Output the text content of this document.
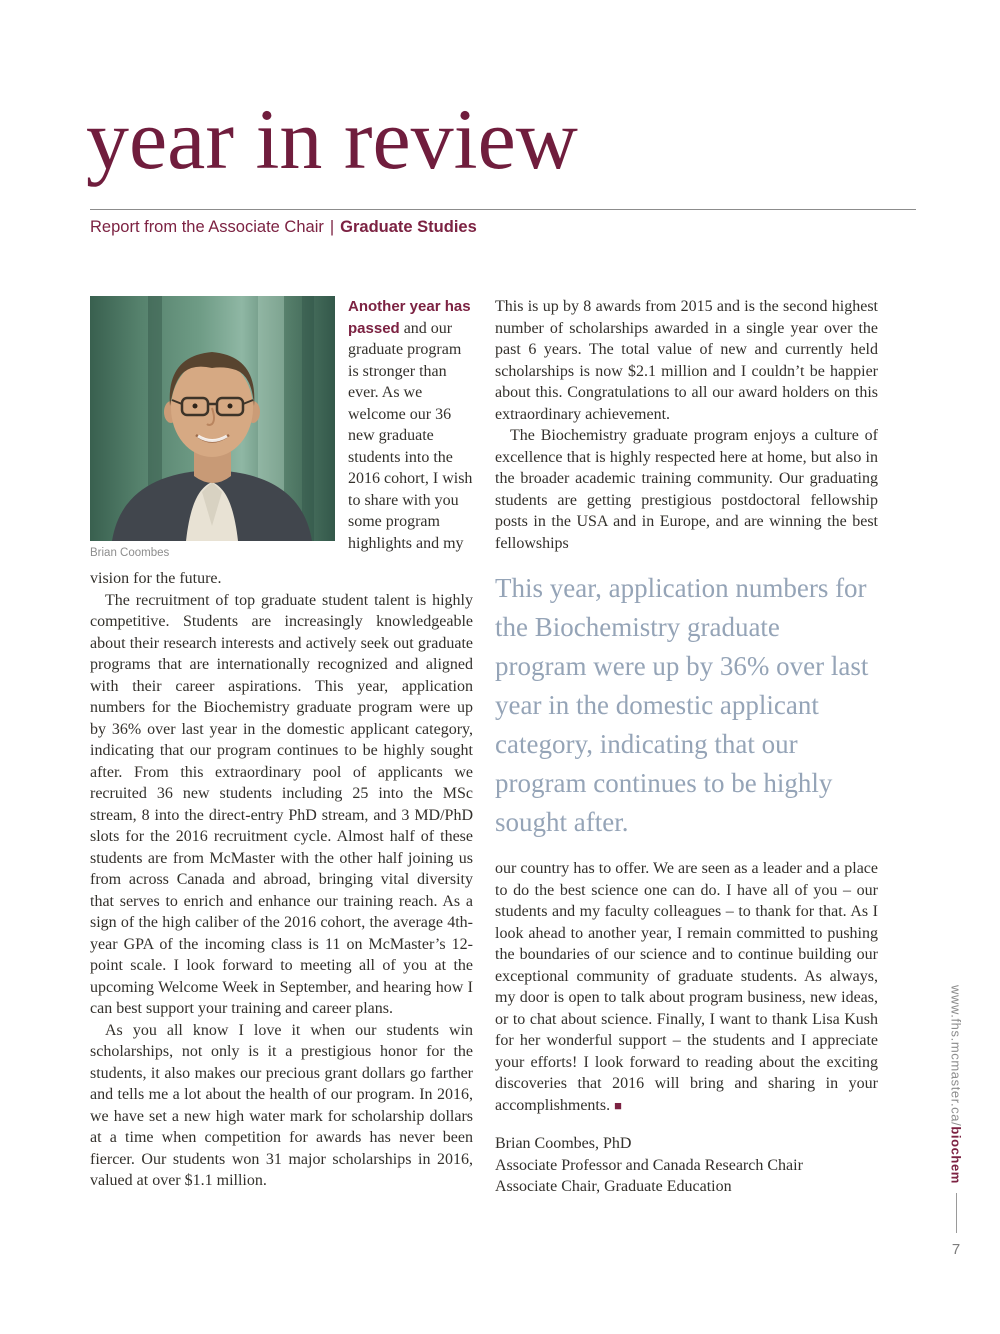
year in review
Report from the Associate Chair | Graduate Studies
Brian Coombes
Another year has passed and our graduate program is stronger than ever. As we welcome our 36 new graduate students into the 2016 cohort, I wish to share with you some program highlights and my

vision for the future.

The recruitment of top graduate student talent is highly competitive. Students are increasingly knowledgeable about their research interests and actively seek out graduate programs that are internationally recognized and aligned with their career aspirations. This year, application numbers for the Biochemistry graduate program were up by 36% over last year in the domestic applicant category, indicating that our program continues to be highly sought after. From this extraordinary pool of applicants we recruited 36 new students including 25 into the MSc stream, 8 into the direct-entry PhD stream, and 3 MD/PhD slots for the 2016 recruitment cycle. Almost half of these students are from McMaster with the other half joining us from across Canada and abroad, bringing vital diversity that serves to enrich and enhance our training reach. As a sign of the high caliber of the 2016 cohort, the average 4th-year GPA of the incoming class is 11 on McMaster’s 12-point scale. I look forward to meeting all of you at the upcoming Welcome Week in September, and hearing how I can best support your training and career plans.

As you all know I love it when our students win scholarships, not only is it a prestigious honor for the students, it also makes our precious grant dollars go farther and tells me a lot about the health of our program. In 2016, we have set a new high water mark for scholarship dollars at a time when competition for awards has never been fiercer. Our students won 31 major scholarships in 2016, valued at over $1.1 million.

This is up by 8 awards from 2015 and is the second highest number of scholarships awarded in a single year over the past 6 years. The total value of new and currently held scholarships is now $2.1 million and I couldn’t be happier about this. Congratulations to all our award holders on this extraordinary achievement.

The Biochemistry graduate program enjoys a culture of excellence that is highly respected here at home, but also in the broader academic training community. Our graduating students are getting prestigious postdoctoral fellowship posts in the USA and in Europe, and are winning the best fellowships

This year, application numbers for the Biochemistry graduate program were up by 36% over last year in the domestic applicant category, indicating that our program continues to be highly sought after.

our country has to offer. We are seen as a leader and a place to do the best science one can do. I have all of you – our students and my faculty colleagues – to thank for that. As I look ahead to another year, I remain committed to pushing the boundaries of our science and to continue building our exceptional community of graduate students. As always, my door is open to talk about program business, new ideas, or to chat about science. Finally, I want to thank Lisa Kush for her wonderful support – the students and I appreciate your efforts! I look forward to reading about the exciting discoveries that 2016 will bring and sharing in your accomplishments. ■

Brian Coombes, PhD
Associate Professor and Canada Research Chair
Associate Chair, Graduate Education
www.fhs.mcmaster.ca/biochem
7
